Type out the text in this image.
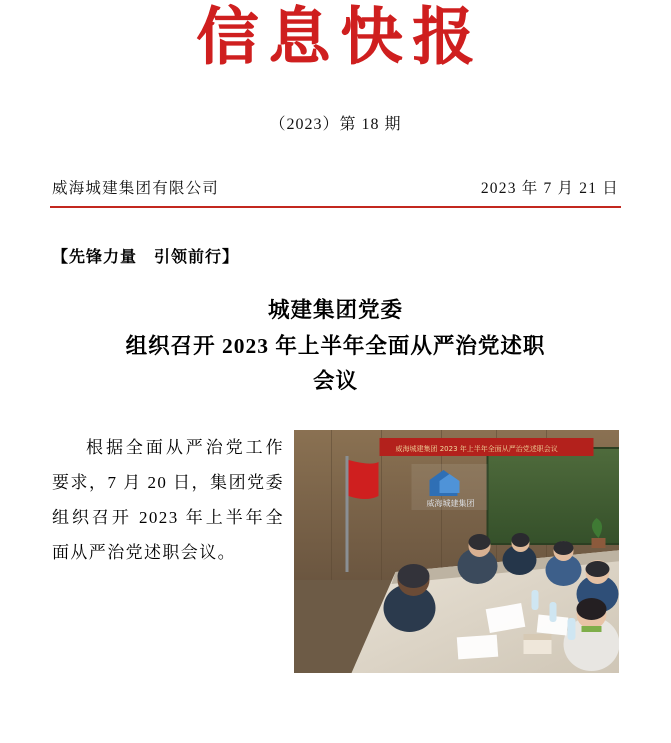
信息快报
（2023）第 18 期
威海城建集团有限公司	2023 年 7 月 21 日
【先锋力量　引领前行】
城建集团党委
组织召开 2023 年上半年全面从严治党述职
会议
根据全面从严治党工作要求，7 月 20 日，集团党委组织召开 2023 年上半年全面从严治党述职会议。
威海城建集团 2023 年上半年全面从严治党述职会议
威海城建集团
